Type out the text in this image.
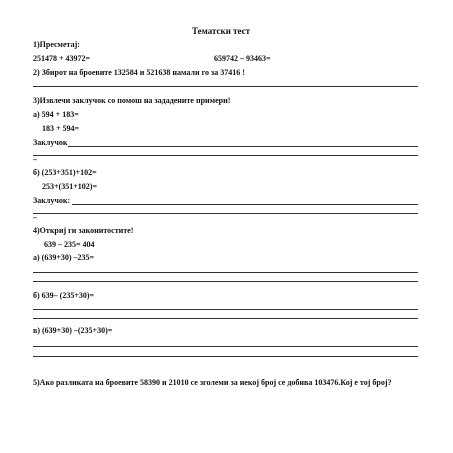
Тематски тест
1)Пресметај:
251478 + 43972=	659742 – 93463=
2) Збирот на броевите 132584 и 521638 намали го за 37416 !
3)Извлечи заклучок со помош на зададените примери!
а) 594 + 183=
183 + 594=
Заклучок
–
б) (253+351)+102=
253+(351+102)=
Заклучок:
–
4)Откриј ги законитостите!
639 – 235= 404
а) (639+30) –235=
б) 639– (235+30)=
в) (639+30) –(235+30)=
5)Ако разликата на броевите 58390 и 21010 се зголеми за некој број се добива 103476.Кој е тој број?
